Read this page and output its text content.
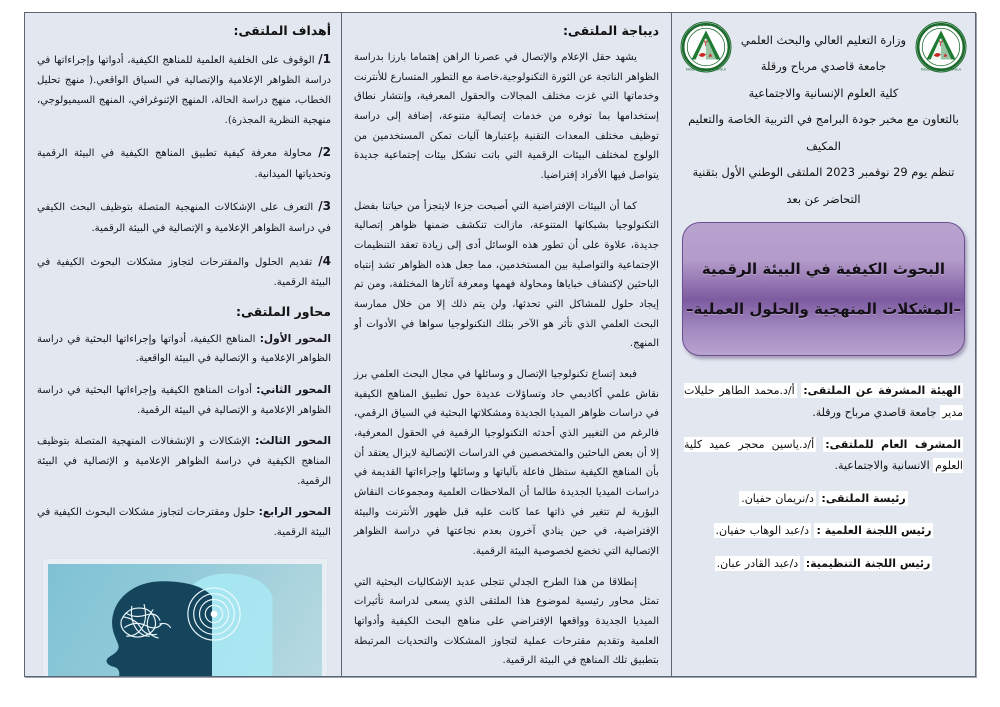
٢
جامعة قاصدي مرباح
KASDI MERBAH OUARGLA
٢
جامعة قاصدي مرباح
KASDI MERBAH OUARGLA
وزارة التعليم العالي والبحث العلمي
جامعة قاصدي مرباح ورقلة
كلية العلوم الإنسانية والاجتماعية
بالتعاون مع مخبر جودة البرامج في التربية الخاصة والتعليم المكيف
تنظم يوم 29 نوفمبر 2023 الملتقى الوطني الأول بتقنية
التحاضر عن بعد
البحوث الكيفية في البيئة الرقمية
–المشكلات المنهجية والحلول العملية–
الهيئة المشرفة عن الملتقى: أ/د.محمد الطاهر حليلات مدير جامعة قاصدي مرباح ورقلة.
المشرف العام للملتقى: أ/د.ياسين محجر عميد كلية العلوم الانسانية والاجتماعية.
رئيسة الملتقى: د/نريمان حفيان.
رئيس اللجنة العلمية : د/عبد الوهاب حفيان.
رئيس اللجنة التنظيمية: د/عبد القادر عبان.
ديباجة الملتقى:
يشهد حقل الإعلام والإتصال في عصرنا الراهن إهتماما بارزا بدراسة الظواهر الناتجة عن الثورة التكنولوجية،خاصة مع التطور المتسارع للأنترنت وخدماتها التي غزت مختلف المجالات والحقول المعرفية، وإنتشار نطاق إستخدامها بما توفره من خدمات إتصالية متنوعة، إضافة إلى دراسة توظيف مختلف المعدات التقنية بإعتبارها آليات تمكن المستخدمين من الولوج لمختلف البيئات الرقمية التي باتت تشكل بيئات إجتماعية جديدة يتواصل فيها الأفراد إفتراضيا.
كما أن البيئات الإفتراضية التي أصبحت جزءا لايتجزأ من حياتنا بفضل التكنولوجيا بشبكاتها المتنوعة، مازالت تنكشف ضمنها ظواهر إتصالية جديدة، علاوة على أن تطور هذه الوسائل أدى إلى زيادة تعقد التنظيمات الإجتماعية والتواصلية بين المستخدمين، مما جعل هذه الظواهر تشد إنتباه الباحثين لإكتشاف خباياها ومحاولة فهمها ومعرفة آثارها المختلفة، ومن تم إيجاد حلول للمشاكل التي تحدثها، ولن يتم ذلك إلا من خلال ممارسة البحث العلمي الذي تأثر هو الآخر بتلك التكنولوجيا سواها في الأدوات أو المنهج.
فبعد إتساع تكنولوجيا الإتصال و وسائلها في مجال البحث العلمي برز نقاش علمي أكاديمي حاد وتساؤلات عديدة حول تطبيق المناهج الكيفية في دراسات ظواهر الميديا الجديدة ومشكلاتها البحثية في السياق الرقمي، فالرغم من التغيير الذي أحدثه التكنولوجيا الرقمية في الحقول المعرفية، إلا أن بعض الباحثين والمتخصصين في الدراسات الإتصالية لايزال يعتقد أن بأن المناهج الكيفية ستظل فاعلة بآلياتها و وسائلها وإجراءاتها القديمة في دراسات الميديا الجديدة طالما أن الملاحظات العلمية ومجموعات النقاش البؤرية لم تتغير في ذاتها عما كانت عليه قبل ظهور الأنترنت والبيئة الإفتراضية، في حين ينادي آخرون بعدم نجاعتها في دراسة الظواهر الإتصالية التي تخضع لخصوصية البيئة الرقمية.
إنطلاقا من هذا الطرح الجدلي تتجلى عديد الإشكاليات البحثية التي تمثل محاور رئيسية لموضوع هذا الملتقى الذي يسعى لدراسة تأثيرات الميديا الجديدة وواقعها الإفتراضي على مناهج البحث الكيفية وأدواتها العلمية وتقديم مقترحات عملية لتجاوز المشكلات والتحديات المرتبطة بتطبيق تلك المناهج في البيئة الرقمية.
أهداف الملتقى:
1/ الوقوف على الخلفية العلمية للمناهج الكيفية، أدواتها وإجراءاتها في دراسة الظواهر الإعلامية والإتصالية في السياق الواقعي.( منهج تحليل الخطاب، منهج دراسة الحالة، المنهج الإثنوغرافي، المنهج السيميولوجي، منهجية النظرية المجذرة).
2/ محاولة معرفة كيفية تطبيق المناهج الكيفية في البيئة الرقمية وتحدياتها الميدانية.
3/ التعرف على الإشكالات المنهجية المتصلة بتوظيف البحث الكيفي في دراسة الظواهر الإعلامية و الإتصالية في البيئة الرقمية.
4/ تقديم الحلول والمقترحات لتجاوز مشكلات البحوث الكيفية في البيئة الرقمية.
محاور الملتقى:
المحور الأول: المناهج الكيفية، أدواتها وإجراءاتها البحثية في دراسة الظواهر الإعلامية و الإتصالية في البيئة الواقعية.
المحور الثاني: أدوات المناهج الكيفية وإجراءاتها البحثية في دراسة الظواهر الإعلامية و الإتصالية في البيئة الرقمية.
المحور الثالث: الإشكالات و الإنشغالات المنهجية المتصلة بتوظيف المناهج الكيفية في دراسة الظواهر الإعلامية و الإتصالية في البيئة الرقمية.
المحور الرابع: حلول ومقترحات لتجاوز مشكلات البحوث الكيفية في البيئة الرقمية.
